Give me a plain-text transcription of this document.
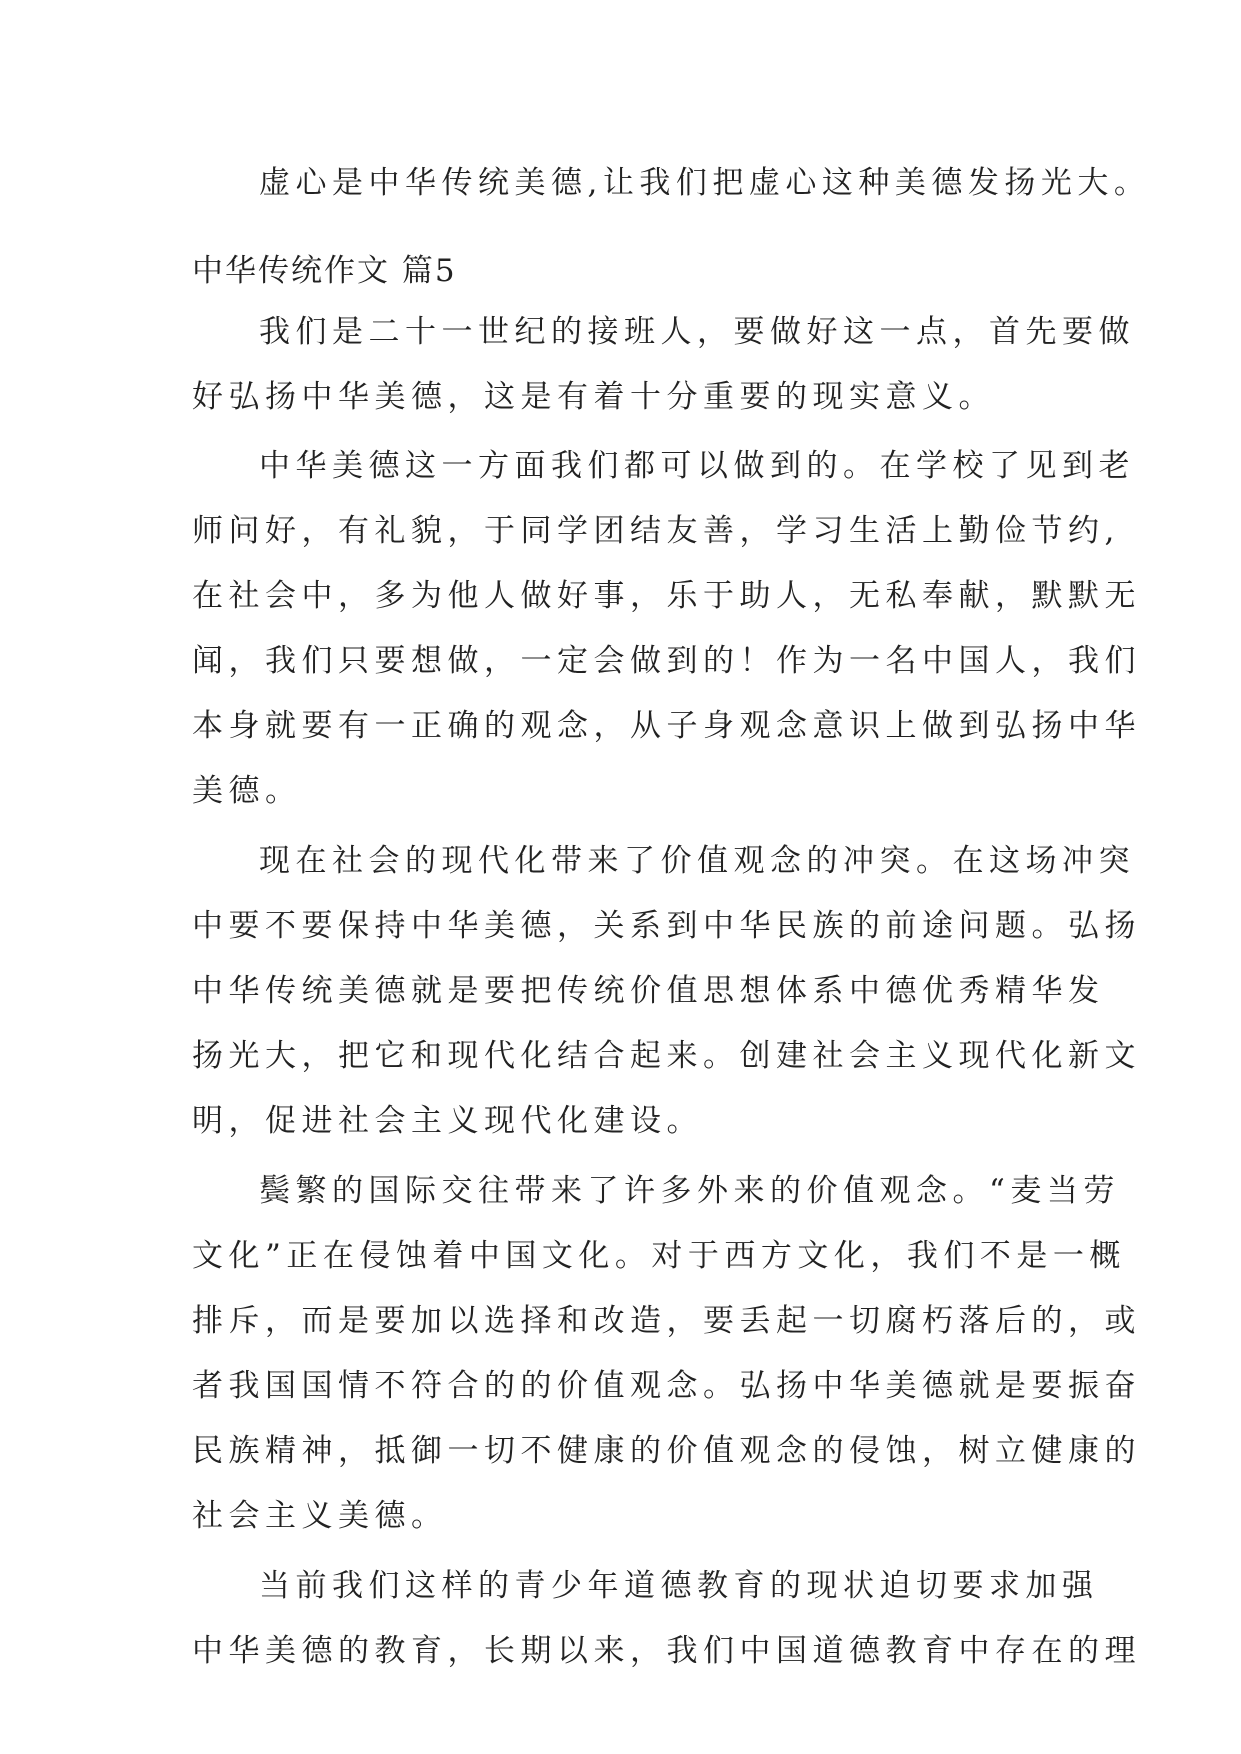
虚心是中华传统美德,让我们把虚心这种美德发扬光大。
中华传统作文 篇5
我们是二十一世纪的接班人，要做好这一点，首先要做
好弘扬中华美德，这是有着十分重要的现实意义。
中华美德这一方面我们都可以做到的。在学校了见到老
师问好，有礼貌，于同学团结友善，学习生活上勤俭节约,
在社会中，多为他人做好事，乐于助人，无私奉献，默默无
闻，我们只要想做，一定会做到的！作为一名中国人，我们
本身就要有一正确的观念，从子身观念意识上做到弘扬中华
美德。
现在社会的现代化带来了价值观念的冲突。在这场冲突
中要不要保持中华美德，关系到中华民族的前途问题。弘扬
中华传统美德就是要把传统价值思想体系中德优秀精华发
扬光大，把它和现代化结合起来。创建社会主义现代化新文
明，促进社会主义现代化建设。
鬓繁的国际交往带来了许多外来的价值观念。“麦当劳
文化”正在侵蚀着中国文化。对于西方文化，我们不是一概
排斥，而是要加以选择和改造，要丢起一切腐朽落后的，或
者我国国情不符合的的价值观念。弘扬中华美德就是要振奋
民族精神，抵御一切不健康的价值观念的侵蚀，树立健康的
社会主义美德。
当前我们这样的青少年道德教育的现状迫切要求加强
中华美德的教育，长期以来，我们中国道德教育中存在的理
